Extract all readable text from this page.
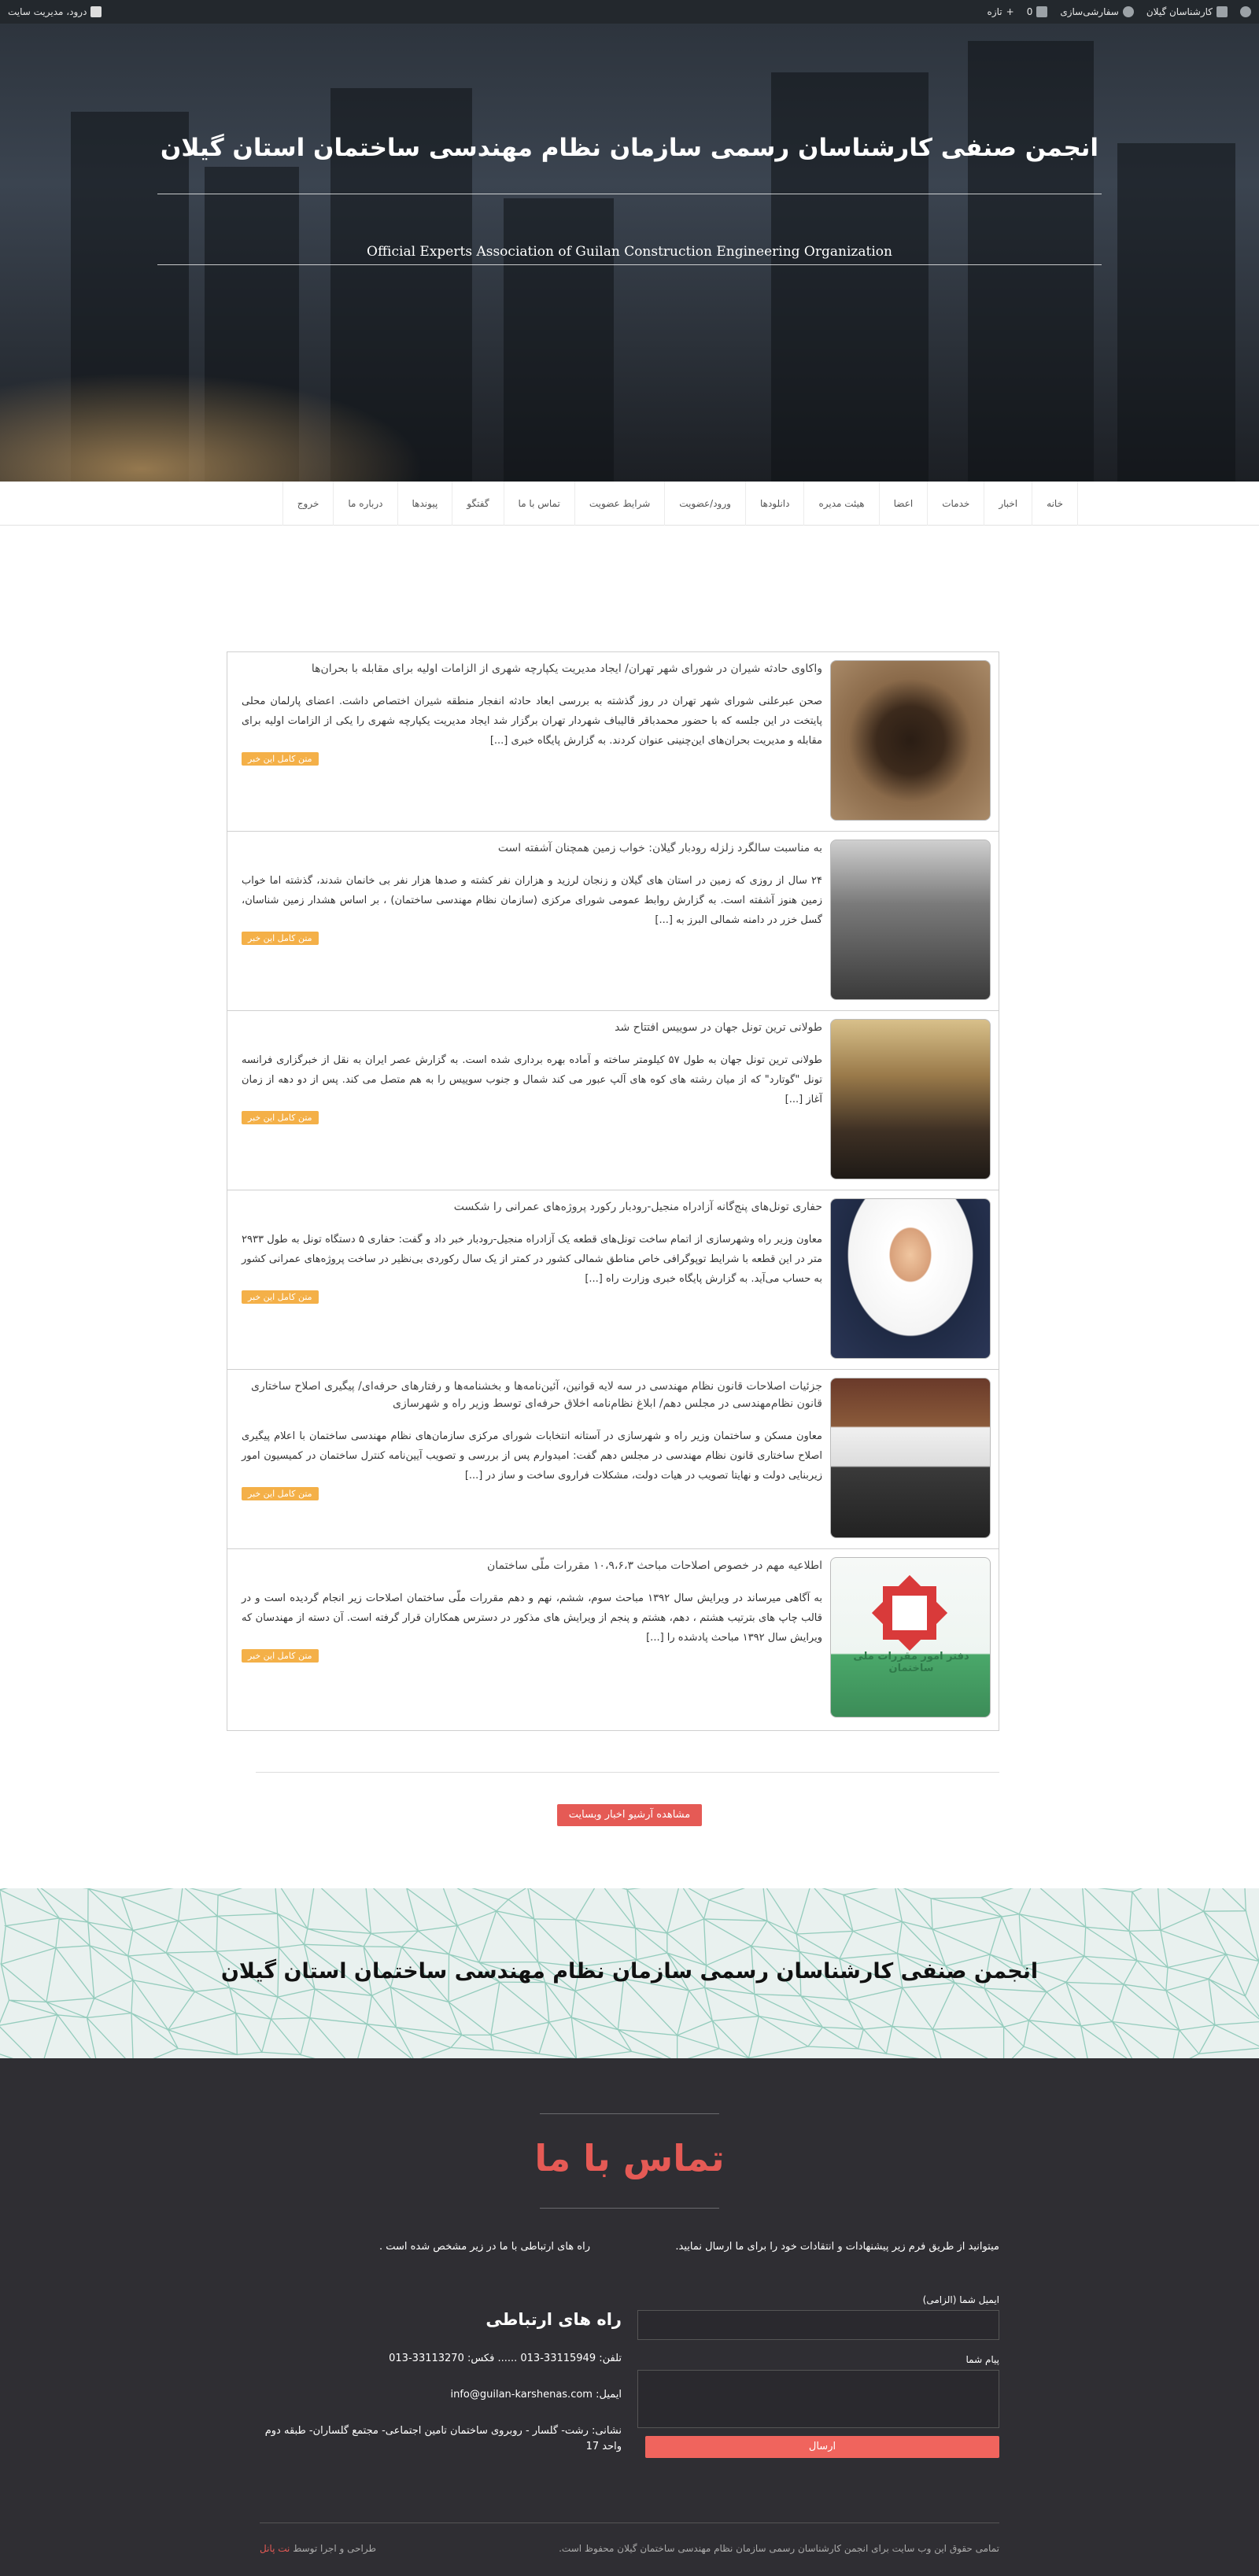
کارشناسان گیلان
سفارشی‌سازی
0
+
تازه
درود، مدیریت سایت
انجمن صنفی کارشناسان رسمی سازمان نظام مهندسی ساختمان استان گیلان
Official Experts Association of Guilan Construction Engineering Organization
خانه
اخبار
خدمات
اعضا
هیئت مدیره
دانلودها
ورود/عضویت
شرایط عضویت
تماس با ما
گفتگو
پیوندها
درباره ما
خروج
واکاوی حادثه شیران در شورای شهر تهران/ ایجاد مدیریت یکپارچه شهری از الزامات اولیه برای مقابله با بحران‌ها
صحن عبرعلنی شورای شهر تهران در روز گذشته به بررسی ابعاد حادثه انفجار منطقه شیران اختصاص داشت. اعضای پارلمان محلی پایتخت در این جلسه که با حضور محمدباقر قالیباف شهردار تهران برگزار شد ایجاد مدیریت یکپارچه شهری را یکی از الزامات اولیه برای مقابله و مدیریت بحران‌های این‌چنینی عنوان کردند. به گزارش پایگاه خبری [...]
متن کامل این خبر
به مناسبت سالگرد زلزله رودبار گیلان: خواب زمین همچنان آشفته است
۲۴ سال از روزی که زمین در استان های گیلان و زنجان لرزید و هزاران نفر کشته و صدها هزار نفر بی خانمان شدند، گذشته اما خواب زمین هنوز آشفته است. به گزارش روابط عمومی شورای مرکزی (سازمان نظام مهندسی ساختمان) ، بر اساس هشدار زمین شناسان، گسل خزر در دامنه شمالی البرز به [...]
متن کامل این خبر
طولانی ترین تونل جهان در سوییس افتتاح شد
طولانی ترین تونل جهان به طول ۵۷ کیلومتر ساخته و آماده بهره برداری شده است. به گزارش عصر ایران به نقل از خبرگزاری فرانسه تونل "گوتارد" که از میان رشته های کوه های آلپ عبور می کند شمال و جنوب سوییس را به هم متصل می کند. پس از دو دهه از زمان آغاز [...]
متن کامل این خبر
حفاری تونل‌های پنج‌گانه آزادراه منجیل-رودبار رکورد پروژه‌های عمرانی را شکست
معاون وزیر راه وشهرسازی از اتمام ساخت تونل‌های قطعه یک آزادراه منجیل-رودبار خبر داد و گفت: حفاری ۵ دستگاه تونل به طول ۲۹۳۳ متر در این قطعه با شرایط توپوگرافی خاص مناطق شمالی کشور در کمتر از یک سال رکوردی بی‌نظیر در ساخت پروژه‌های عمرانی کشور به حساب می‌آید. به گزارش پایگاه خبری وزارت راه [...]
متن کامل این خبر
جزئیات اصلاحات قانون نظام مهندسی در سه لایه قوانین، آئین‌نامه‌ها و بخشنامه‌ها و رفتارهای حرفه‌ای/ پیگیری اصلاح ساختاری قانون نظام‌مهندسی در مجلس دهم/ ابلاغ نظام‌نامه اخلاق حرفه‌ای توسط وزیر راه و شهرسازی
معاون مسکن و ساختمان وزیر راه و شهرسازی در آستانه انتخابات شورای مرکزی سازمان‌های نظام مهندسی ساختمان با اعلام پیگیری اصلاح ساختاری قانون نظام مهندسی در مجلس دهم گفت: امیدوارم پس از بررسی و تصویب آیین‌نامه کنترل ساختمان در کمیسیون امور زیربنایی دولت و نهایتا تصویب در هیات دولت، مشکلات فراروی ساخت و ساز در [...]
متن کامل این خبر
دفتر امور مقررات ملی ساختمان
اطلاعیه مهم در خصوص اصلاحات مباحث ۱۰،۹،۶،۳ مقررات ملّی ساختمان
به آگاهی میرساند در ویرایش سال ۱۳۹۲ مباحث سوم، ششم، نهم و دهم مقررات ملّی ساختمان اصلاحات زیر انجام گردیده است و در قالب چاپ های بترتیب هشتم ، دهم، هشتم و پنجم از ویرایش های مذکور در دسترس همکاران قرار گرفته است. آن دسته از مهندسان که ویرایش سال ۱۳۹۲ مباحث پادشده را [...]
متن کامل این خبر
مشاهده آرشیو اخبار وبسایت
انجمن صنفی کارشناسان رسمی سازمان نظام مهندسی ساختمان استان گیلان
تماس با ما
میتوانید از طریق فرم زیر پیشنهادات و انتقادات خود را برای ما ارسال نمایید.
راه های ارتباطی با ما در زیر مشخص شده است .
ایمیل شما (الزامی)
پیام شما
ارسال
راه های ارتباطی
تلفن: 33115949-013 ...... فکس: 33113270-013
ایمیل: info@guilan-karshenas.com
نشانی: رشت- گلسار - روبروی ساختمان تامین اجتماعی- مجتمع گلساران- طبقه دوم واحد 17
تمامی حقوق این وب سایت برای انجمن کارشناسان رسمی سازمان نظام مهندسی ساختمان گیلان محفوظ است.
طراحی و اجرا توسط نت پانل
